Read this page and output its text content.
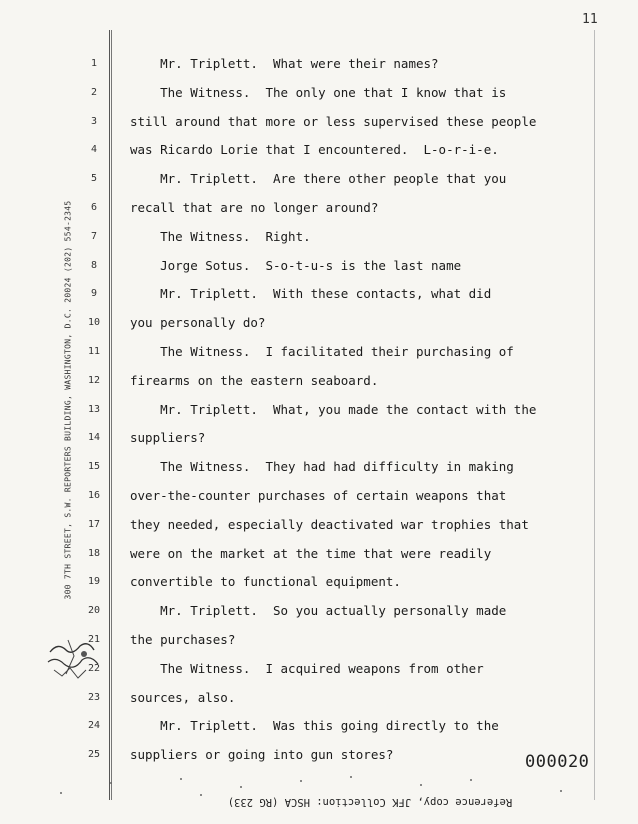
11
300 7TH STREET, S.W. REPORTERS BUILDING, WASHINGTON, D.C. 20024 (202) 554-2345
1	Mr. Triplett.  What were their names?
2	The Witness.  The only one that I know that is
3	still around that more or less supervised these people
4	was Ricardo Lorie that I encountered.  L-o-r-i-e.
5	Mr. Triplett.  Are there other people that you
6	recall that are no longer around?
7	The Witness.  Right.
8	Jorge Sotus.  S-o-t-u-s is the last name
9	Mr. Triplett.  With these contacts, what did
10	you personally do?
11	The Witness.  I facilitated their purchasing of
12	firearms on the eastern seaboard.
13	Mr. Triplett.  What, you made the contact with the
14	suppliers?
15	The Witness.  They had had difficulty in making
16	over-the-counter purchases of certain weapons that
17	they needed, especially deactivated war trophies that
18	were on the market at the time that were readily
19	convertible to functional equipment.
20	Mr. Triplett.  So you actually personally made
21	the purchases?
22	The Witness.  I acquired weapons from other
23	sources, also.
24	Mr. Triplett.  Was this going directly to the
25	suppliers or going into gun stores?	000020
Reference copy, JFK Collection: HSCA (RG 233)
